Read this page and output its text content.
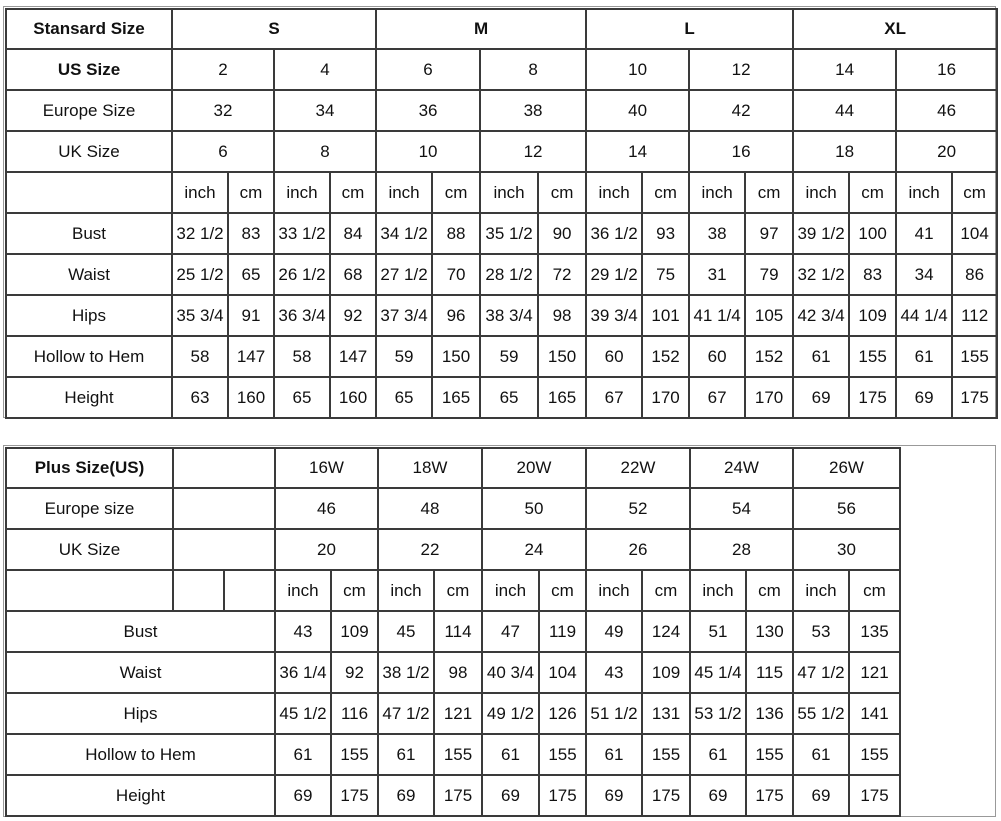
Stansard Size	S				M				L				XL			
US Size	2		4		6		8		10		12		14		16	
Europe Size	32		34		36		38		40		42		44		46	
UK Size	6		8		10		12		14		16		18		20	
	inch	cm	inch	cm	inch	cm	inch	cm	inch	cm	inch	cm	inch	cm	inch	cm
Bust	32 1/2	83	33 1/2	84	34 1/2	88	35 1/2	90	36 1/2	93	38	97	39 1/2	100	41	104
Waist	25 1/2	65	26 1/2	68	27 1/2	70	28 1/2	72	29 1/2	75	31	79	32 1/2	83	34	86
Hips	35 3/4	91	36 3/4	92	37 3/4	96	38 3/4	98	39 3/4	101	41 1/4	105	42 3/4	109	44 1/4	112
Hollow to Hem	58	147	58	147	59	150	59	150	60	152	60	152	61	155	61	155
Height	63	160	65	160	65	165	65	165	67	170	67	170	69	175	69	175
Plus Size(US)			16W		18W		20W		22W		24W		26W	
Europe size			46		48		50		52		54		56	
UK Size			20		22		24		26		28		30	
			inch	cm	inch	cm	inch	cm	inch	cm	inch	cm	inch	cm
Bust			43	109	45	114	47	119	49	124	51	130	53	135
Waist			36 1/4	92	38 1/2	98	40 3/4	104	43	109	45 1/4	115	47 1/2	121
Hips			45 1/2	116	47 1/2	121	49 1/2	126	51 1/2	131	53 1/2	136	55 1/2	141
Hollow to Hem			61	155	61	155	61	155	61	155	61	155	61	155
Height			69	175	69	175	69	175	69	175	69	175	69	175
